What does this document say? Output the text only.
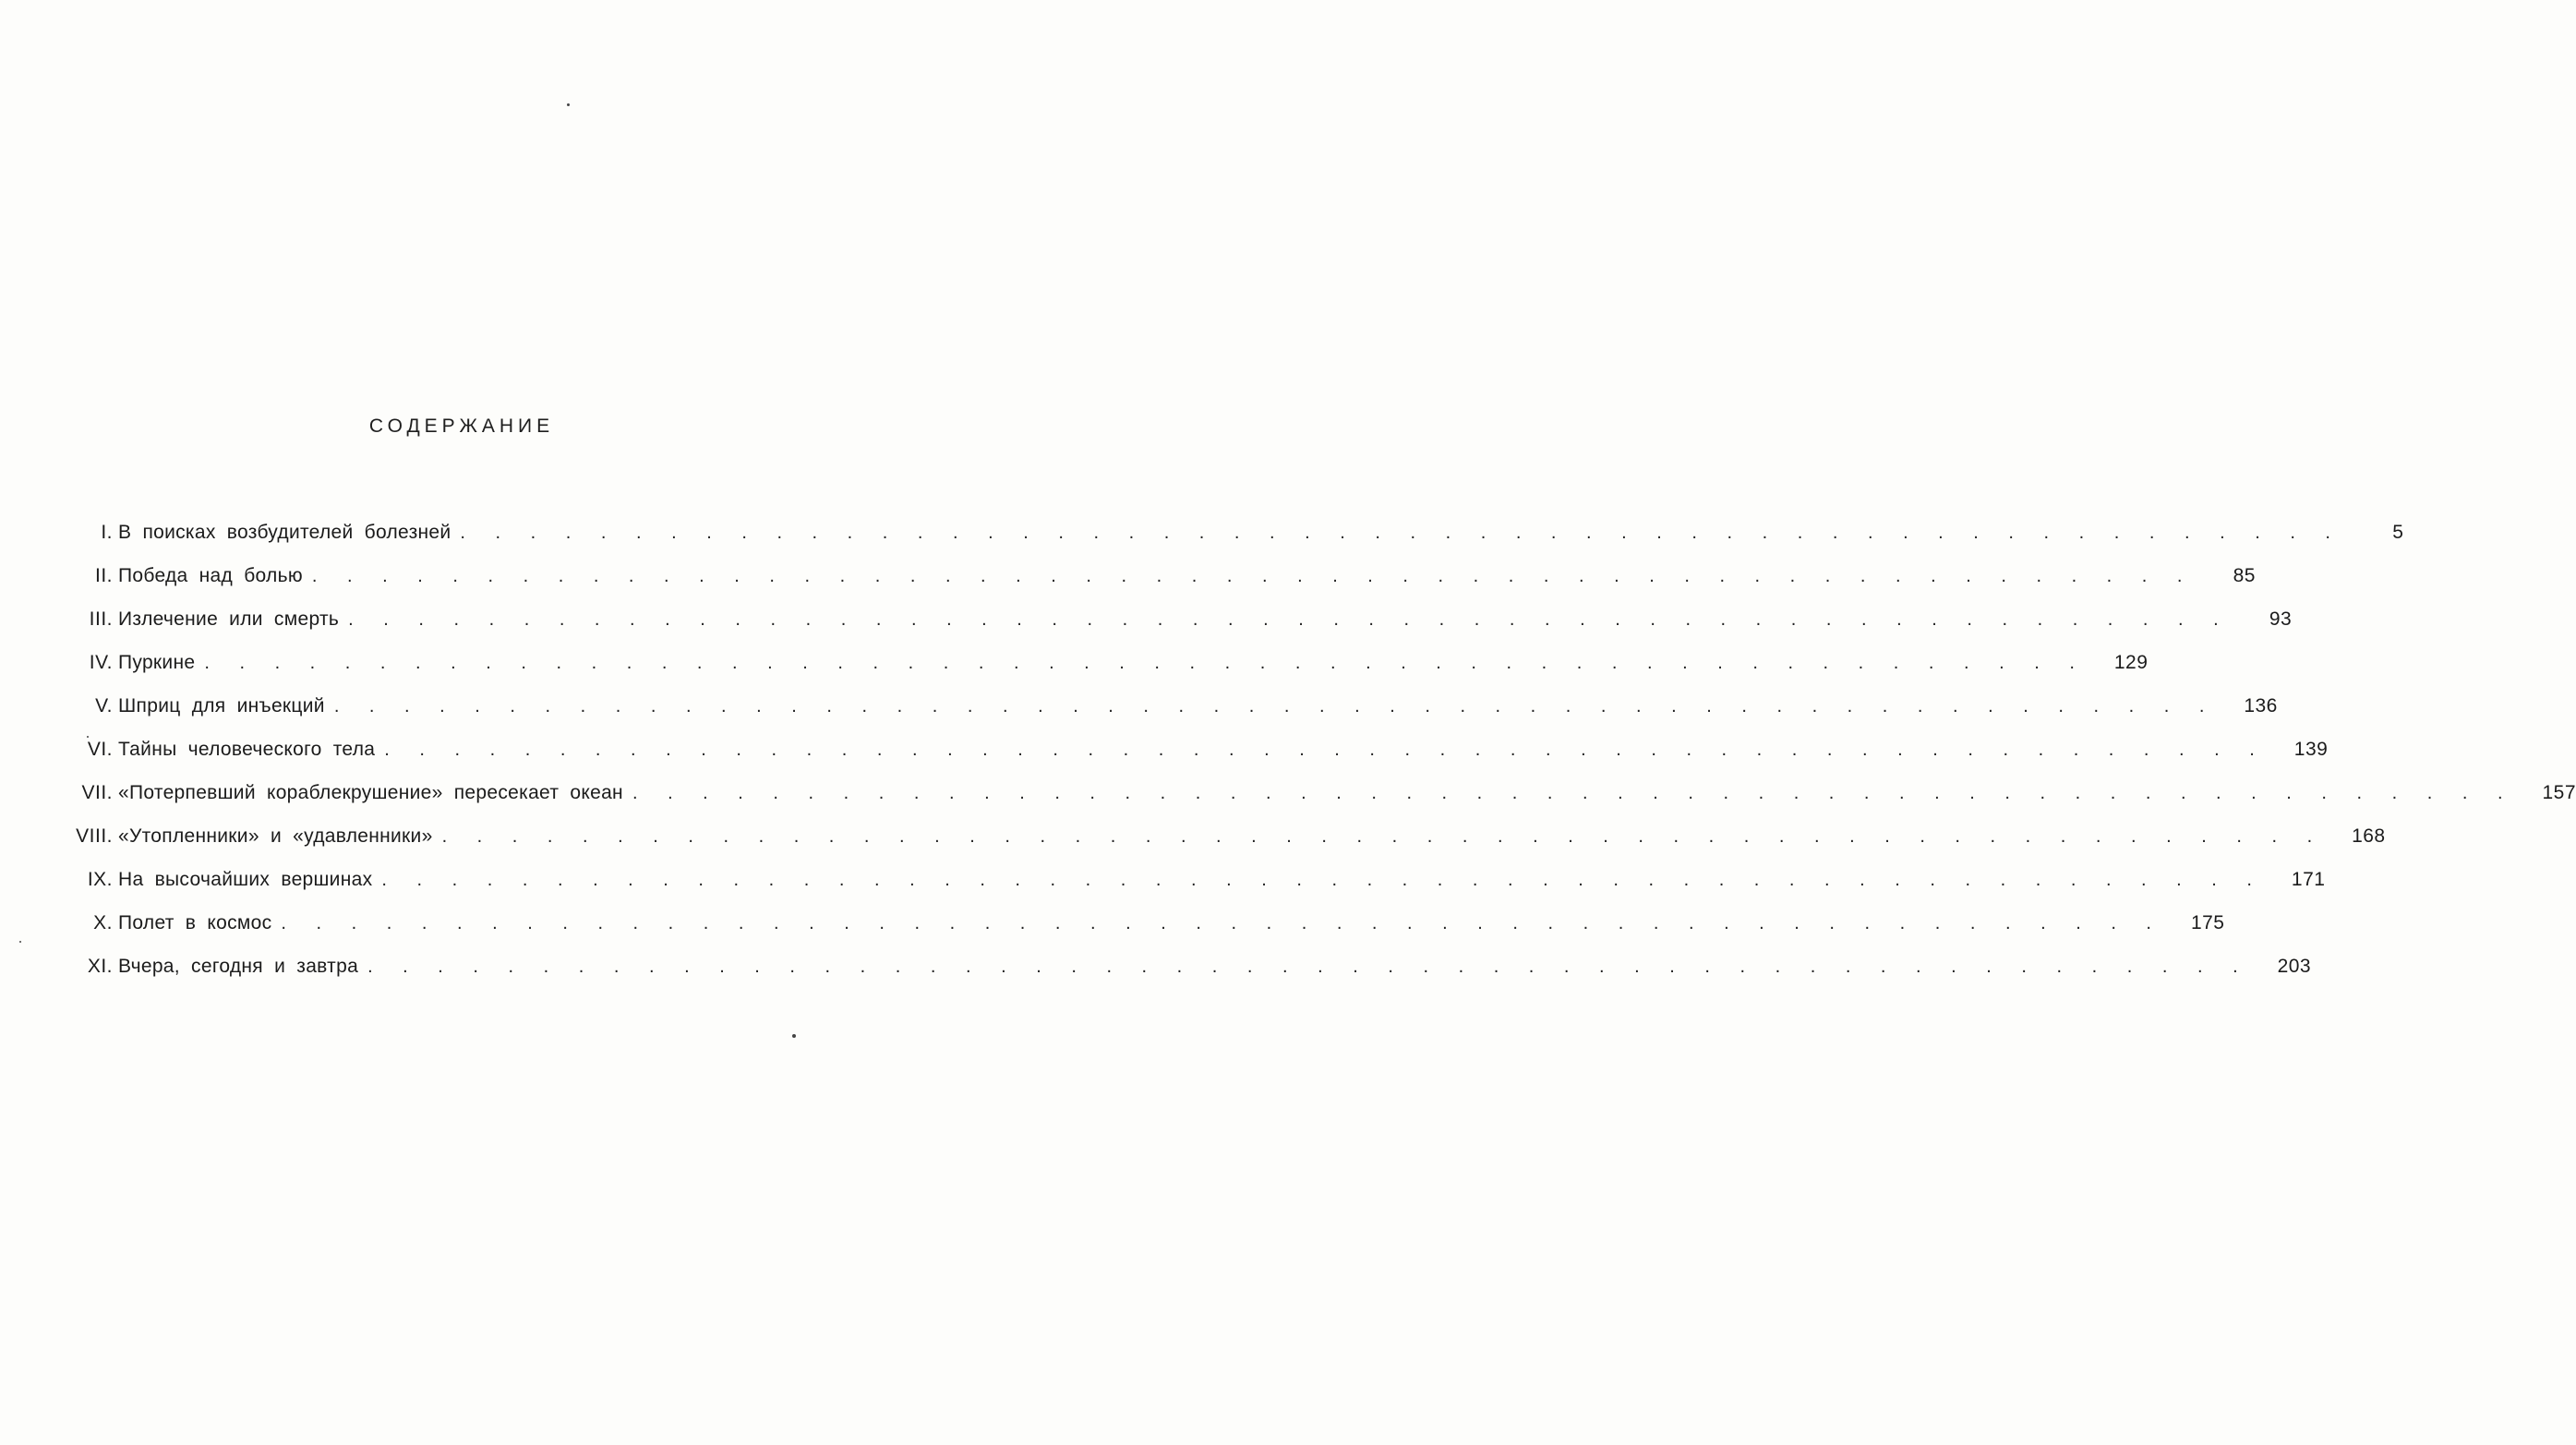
СОДЕРЖАНИЕ
I. В поисках возбудителей болезней . . . . . . . . . . . . . . . . . . . . . . . . . . . . . . . . . . . . . . . . . . . . . . . . . . . . . .	5
II. Победа над болью . . . . . . . . . . . . . . . . . . . . . . . . . . . . . . . . . . . . . . . . . . . . . . . . . . . . . .	85
III. Излечение или смерть . . . . . . . . . . . . . . . . . . . . . . . . . . . . . . . . . . . . . . . . . . . . . . . . . . . . . .	93
IV. Пуркине . . . . . . . . . . . . . . . . . . . . . . . . . . . . . . . . . . . . . . . . . . . . . . . . . . . . . .	129
V. Шприц для инъекций . . . . . . . . . . . . . . . . . . . . . . . . . . . . . . . . . . . . . . . . . . . . . . . . . . . . . .	136
VI. Тайны человеческого тела . . . . . . . . . . . . . . . . . . . . . . . . . . . . . . . . . . . . . . . . . . . . . . . . . . . . . .	139
VII. «Потерпевший кораблекрушение» пересекает океан . . . . . . . . . . . . . . . . . . . . . . . . . . . . . . . . . . . . . . . . . . . . . . . . . . . . . .	157
VIII. «Утопленники» и «удавленники» . . . . . . . . . . . . . . . . . . . . . . . . . . . . . . . . . . . . . . . . . . . . . . . . . . . . . .	168
IX. На высочайших вершинах . . . . . . . . . . . . . . . . . . . . . . . . . . . . . . . . . . . . . . . . . . . . . . . . . . . . . .	171
X. Полет в космос . . . . . . . . . . . . . . . . . . . . . . . . . . . . . . . . . . . . . . . . . . . . . . . . . . . . . .	175
XI. Вчера, сегодня и завтра . . . . . . . . . . . . . . . . . . . . . . . . . . . . . . . . . . . . . . . . . . . . . . . . . . . . . .	203
